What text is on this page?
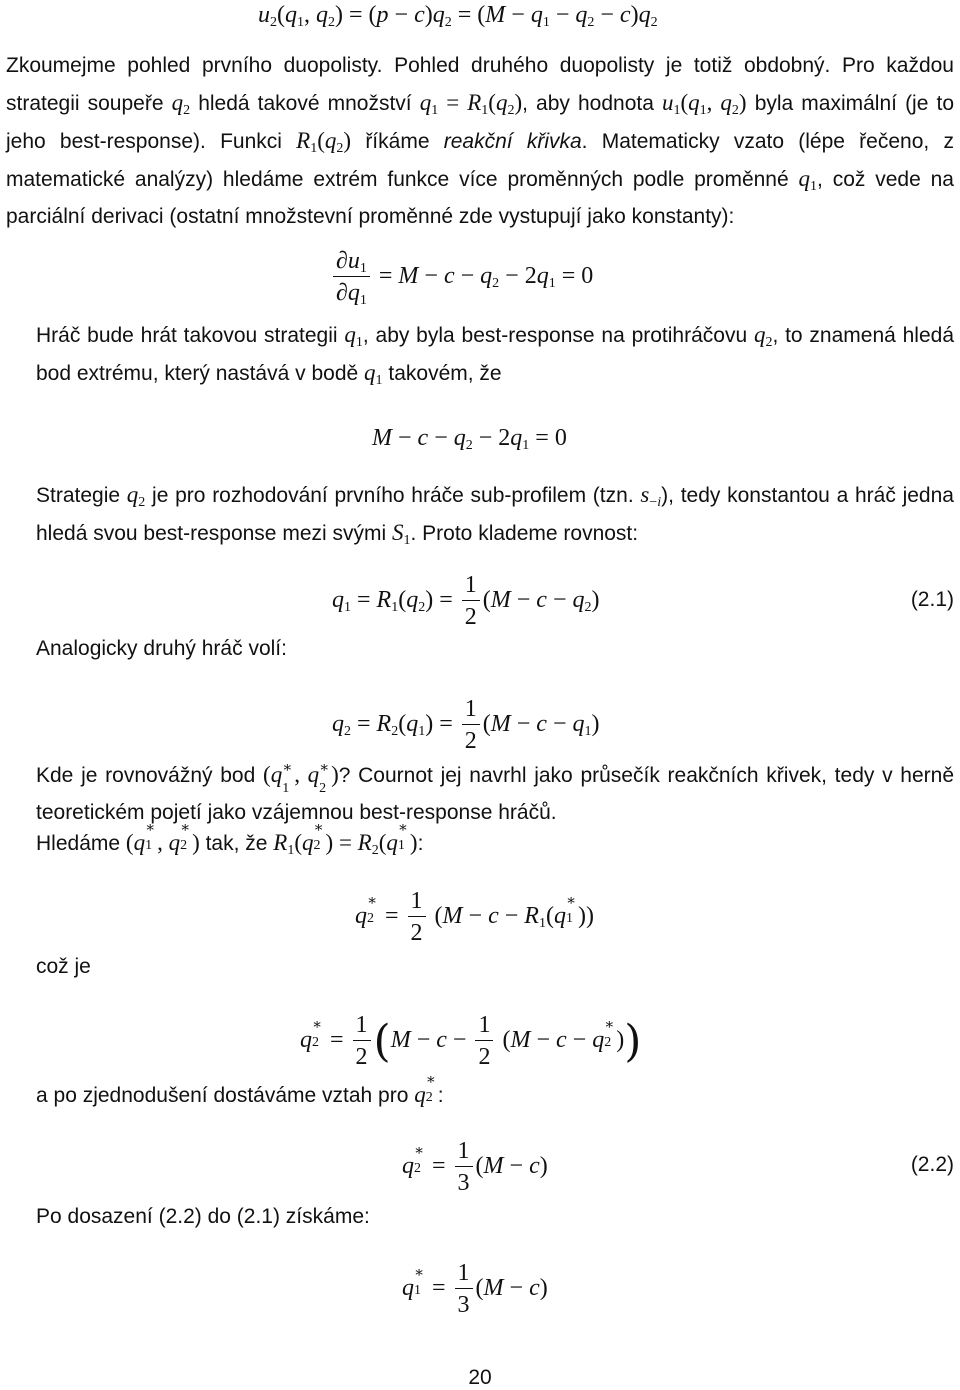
$u_2(q_1$, $q_2) = (p - c)q_2 = (M - q_1 - q_2 - c)q_2$
Zkoumejme pohled prvního duopolisty. Pohled druhého duopolisty je totiž obdobný. Pro každou strategii soupeře $q_2$ hledá takové množství $q_1 = R_1(q_2)$, aby hodnota $u_1(q_1$, $q_2$) byla maximální (je to jeho best-response). Funkci $R_1(q_2)$ říkáme reakční křivka. Matematicky vzato (lépe řečeno, z matematické analýzy) hledáme extrém funkce více proměnných podle proměnné $q_1$, což vede na parciální derivaci (ostatní množstevní proměnné zde vystupují jako konstanty):
$\frac{\partial u_1}{\partial q_1} = M - c - q_2 - 2q_1 = 0$
Hráč bude hrát takovou strategii $q_1$, aby byla best-response na protihráčovu $q_2$, to znamená hledá bod extrému, který nastává v bodě $q_1$ takovém, že
$M - c - q_2 - 2q_1 = 0$
Strategie $q_2$ je pro rozhodování prvního hráče sub-profilem (tzn. $s_{-i}$), tedy konstantou a hráč jedna hledá svou best-response mezi svými $S_1$. Proto klademe rovnost:
$q_1 = R_1(q_2) = \frac{1}{2} (M - c - q_2)$	(2.1)
Analogicky druhý hráč volí:
$q_2 = R_2(q_1) = \frac{1}{2} (M - c - q_1)$
Kde je rovnovážný bod (q ∗
1
, q ∗
2
)? Cournot jej navrhl jako průsečík reakčních křivek, tedy v herně teoretickém pojetí jako vzájemnou best-response hráčů.
Hledáme (q
∗
1 , q
∗
2 ) tak, že $R_1(q$
∗
2 ) = $R_2(q$
∗
1 ):
q
∗
$2 = \frac{1}{2} (M - c - R_1(q$
∗
1 ))
což je
q
∗
$2 = \frac{1}{2} (M - c - \frac{1}{2} (M - c - q$
∗
2 ))
a po zjednodušení dostáváme vztah pro q
∗
2 :
q
∗
$2 = \frac{1}{3} (M - c)$	(2.2)
Po dosazení (2.2) do (2.1) získáme:
q
∗
$1 = \frac{1}{3} (M - c)$
20
